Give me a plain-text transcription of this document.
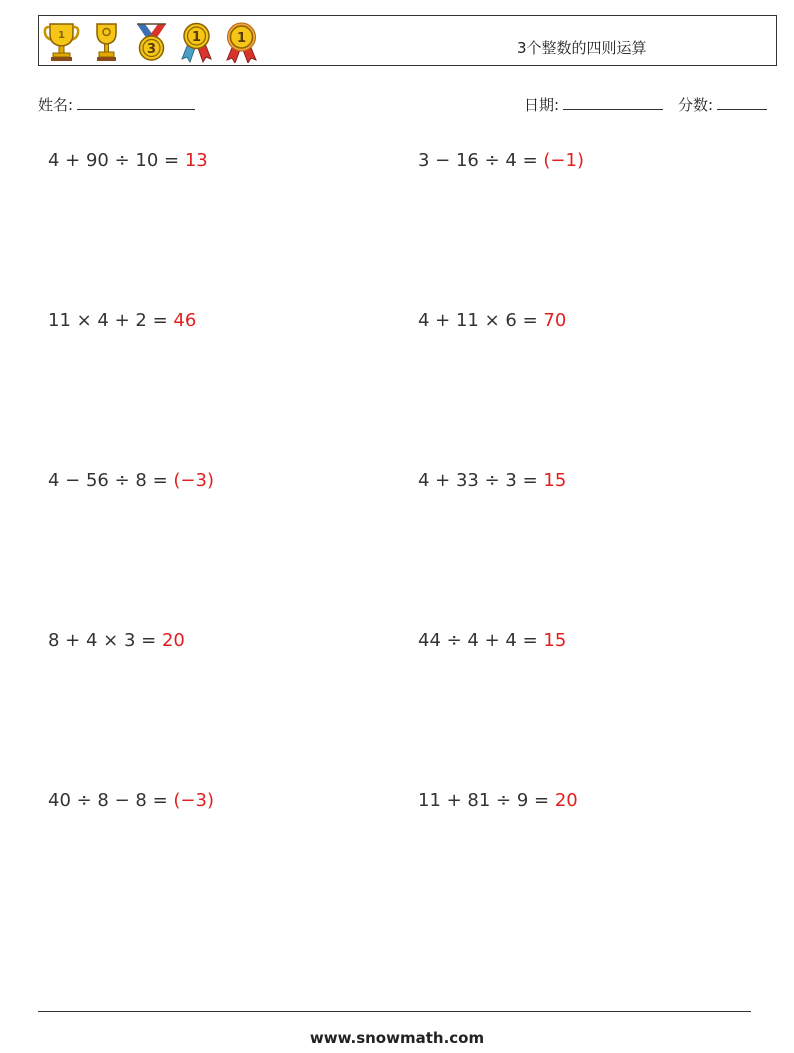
1
3
1	1
3个整数的四则运算
姓名:	日期:	分数:
4 + 90 ÷ 10 = 13	3 − 16 ÷ 4 = (−1)
11 × 4 + 2 = 46	4 + 11 × 6 = 70
4 − 56 ÷ 8 = (−3)	4 + 33 ÷ 3 = 15
8 + 4 × 3 = 20	44 ÷ 4 + 4 = 15
40 ÷ 8 − 8 = (−3)	11 + 81 ÷ 9 = 20
www.snowmath.com
